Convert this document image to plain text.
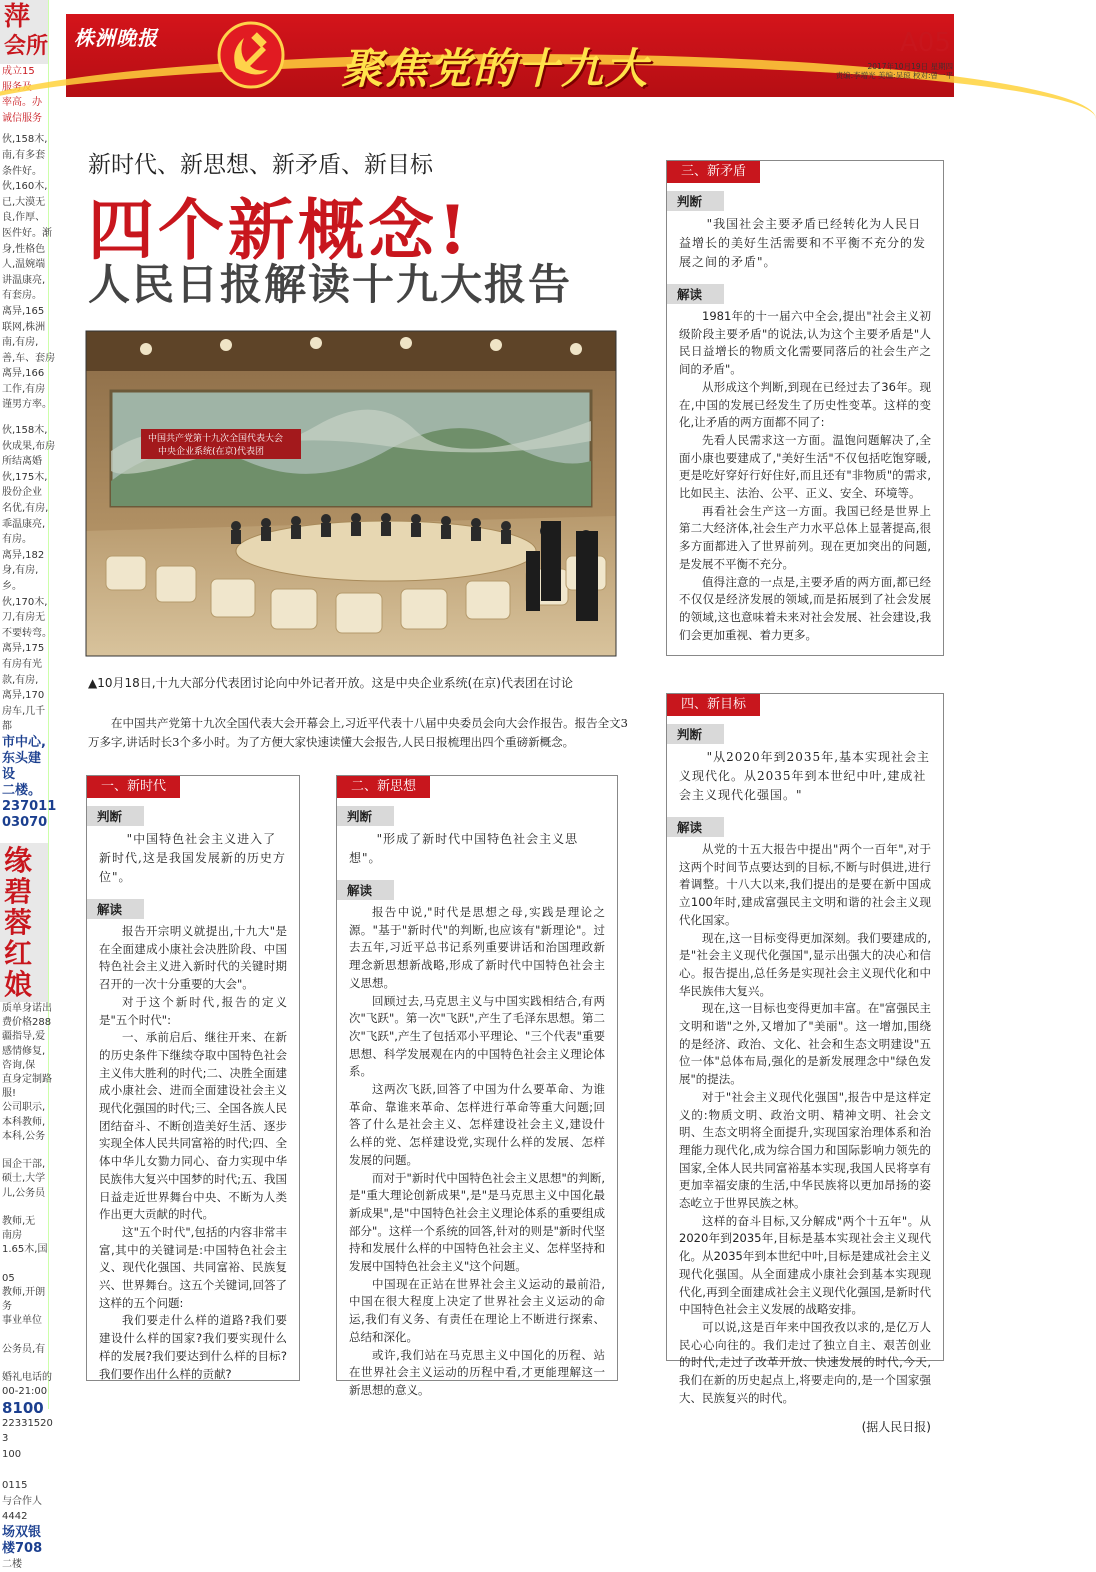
萍
会所
成立15
服务及
率高。办
诚信服务
伙,158木,
南,有多套
条件好。
伙,160木,
已,大漠无
良,作厚、
医件好。渐
身,性格色
人,温婉端
讲温康亮,
有套房。
离异,165
联网,株洲
南,有房,
善,车、套房
离异,166
工作,有房
谨男方率。
伙,158木,
伙成果,布房
所结离婚
伙,175木,
股份企业
名优,有房,
乖温康亮,
有房。
离异,182
身,有房,
乡。
伙,170木,
刀,有房无
不要转弯。
离异,175
有房有光
款,有房,
离异,170
房车,几千
都
市中心,
东头建设
二楼。
237011
03070
缘
碧蓉
红娘
质单身诺出
费价格288
疆指导,爱
感情修复,
咨询,保
直身定制路
服!
公司职示,
本科教师,
本科,公务

国企干部,
硕士,大学
儿,公务员

教师,无
南房
1.65木,国

05
教师,开朗
务
事业单位

公务员,有

婚礼电话的
00-21:00
8100
22331520
3
100

0115
与合作人
4442
场双银
楼708
二楼
株洲晚报
聚焦党的十九大
A05
2017年10月19日 星期四
责编:李增光 美编:吴琼 校对:曾一平
新时代、新思想、新矛盾、新目标
四个新概念!
人民日报解读十九大报告
中国共产党第十九次全国代表大会
中央企业系统(在京)代表团
▲10月18日,十九大部分代表团讨论向中外记者开放。这是中央企业系统(在京)代表团在讨论
在中国共产党第十九次全国代表大会开幕会上,习近平代表十八届中央委员会向大会作报告。报告全文3万多字,讲话时长3个多小时。为了方便大家快速读懂大会报告,人民日报梳理出四个重磅新概念。
一、新时代
判断
"中国特色社会主义进入了新时代,这是我国发展新的历史方位"。
解读

报告开宗明义就提出,十九大"是在全面建成小康社会决胜阶段、中国特色社会主义进入新时代的关键时期召开的一次十分重要的大会"。

对于这个新时代,报告的定义是"五个时代":

一、承前启后、继往开来、在新的历史条件下继续夺取中国特色社会主义伟大胜利的时代;二、决胜全面建成小康社会、进而全面建设社会主义现代化强国的时代;三、全国各族人民团结奋斗、不断创造美好生活、逐步实现全体人民共同富裕的时代;四、全体中华儿女勠力同心、奋力实现中华民族伟大复兴中国梦的时代;五、我国日益走近世界舞台中央、不断为人类作出更大贡献的时代。

这"五个时代",包括的内容非常丰富,其中的关键词是:中国特色社会主义、现代化强国、共同富裕、民族复兴、世界舞台。这五个关键词,回答了这样的五个问题:

我们要走什么样的道路?我们要建设什么样的国家?我们要实现什么样的发展?我们要达到什么样的目标?我们要作出什么样的贡献?

二、新思想
判断
"形成了新时代中国特色社会主义思想"。
解读

报告中说,"时代是思想之母,实践是理论之源。"基于"新时代"的判断,也应该有"新理论"。过去五年,习近平总书记系列重要讲话和治国理政新理念新思想新战略,形成了新时代中国特色社会主义思想。

回顾过去,马克思主义与中国实践相结合,有两次"飞跃"。第一次"飞跃",产生了毛泽东思想。第二次"飞跃",产生了包括邓小平理论、"三个代表"重要思想、科学发展观在内的中国特色社会主义理论体系。

这两次飞跃,回答了中国为什么要革命、为谁革命、靠谁来革命、怎样进行革命等重大问题;回答了什么是社会主义、怎样建设社会主义,建设什么样的党、怎样建设党,实现什么样的发展、怎样发展的问题。

而对于"新时代中国特色社会主义思想"的判断,是"重大理论创新成果",是"是马克思主义中国化最新成果",是"中国特色社会主义理论体系的重要组成部分"。这样一个系统的回答,针对的则是"新时代坚持和发展什么样的中国特色社会主义、怎样坚持和发展中国特色社会主义"这个问题。

中国现在正站在世界社会主义运动的最前沿,中国在很大程度上决定了世界社会主义运动的命运,我们有义务、有责任在理论上不断进行探索、总结和深化。

或许,我们站在马克思主义中国化的历程、站在世界社会主义运动的历程中看,才更能理解这一新思想的意义。

三、新矛盾
判断
"我国社会主要矛盾已经转化为人民日益增长的美好生活需要和不平衡不充分的发展之间的矛盾"。
解读

1981年的十一届六中全会,提出"社会主义初级阶段主要矛盾"的说法,认为这个主要矛盾是"人民日益增长的物质文化需要同落后的社会生产之间的矛盾"。

从形成这个判断,到现在已经过去了36年。现在,中国的发展已经发生了历史性变革。这样的变化,让矛盾的两方面都不同了:

先看人民需求这一方面。温饱问题解决了,全面小康也要建成了,"美好生活"不仅包括吃饱穿暖,更是吃好穿好行好住好,而且还有"非物质"的需求,比如民主、法治、公平、正义、安全、环境等。

再看社会生产这一方面。我国已经是世界上第二大经济体,社会生产力水平总体上显著提高,很多方面都进入了世界前列。现在更加突出的问题,是发展不平衡不充分。

值得注意的一点是,主要矛盾的两方面,都已经不仅仅是经济发展的领域,而是拓展到了社会发展的领域,这也意味着未来对社会发展、社会建设,我们会更加重视、着力更多。

四、新目标
判断
"从2020年到2035年,基本实现社会主义现代化。从2035年到本世纪中叶,建成社会主义现代化强国。"
解读

从党的十五大报告中提出"两个一百年",对于这两个时间节点要达到的目标,不断与时俱进,进行着调整。十八大以来,我们提出的是要在新中国成立100年时,建成富强民主文明和谐的社会主义现代化国家。

现在,这一目标变得更加深刻。我们要建成的,是"社会主义现代化强国",显示出强大的决心和信心。报告提出,总任务是实现社会主义现代化和中华民族伟大复兴。

现在,这一目标也变得更加丰富。在"富强民主文明和谐"之外,又增加了"美丽"。这一增加,围绕的是经济、政治、文化、社会和生态文明建设"五位一体"总体布局,强化的是新发展理念中"绿色发展"的提法。

对于"社会主义现代化强国",报告中是这样定义的:物质文明、政治文明、精神文明、社会文明、生态文明将全面提升,实现国家治理体系和治理能力现代化,成为综合国力和国际影响力领先的国家,全体人民共同富裕基本实现,我国人民将享有更加幸福安康的生活,中华民族将以更加昂扬的姿态屹立于世界民族之林。

这样的奋斗目标,又分解成"两个十五年"。从2020年到2035年,目标是基本实现社会主义现代化。从2035年到本世纪中叶,目标是建成社会主义现代化强国。从全面建成小康社会到基本实现现代化,再到全面建成社会主义现代化强国,是新时代中国特色社会主义发展的战略安排。

可以说,这是百年来中国孜孜以求的,是亿万人民心心向往的。我们走过了独立自主、艰苦创业的时代,走过了改革开放、快速发展的时代,今天,我们在新的历史起点上,将要走向的,是一个国家强大、民族复兴的时代。

(据人民日报)
